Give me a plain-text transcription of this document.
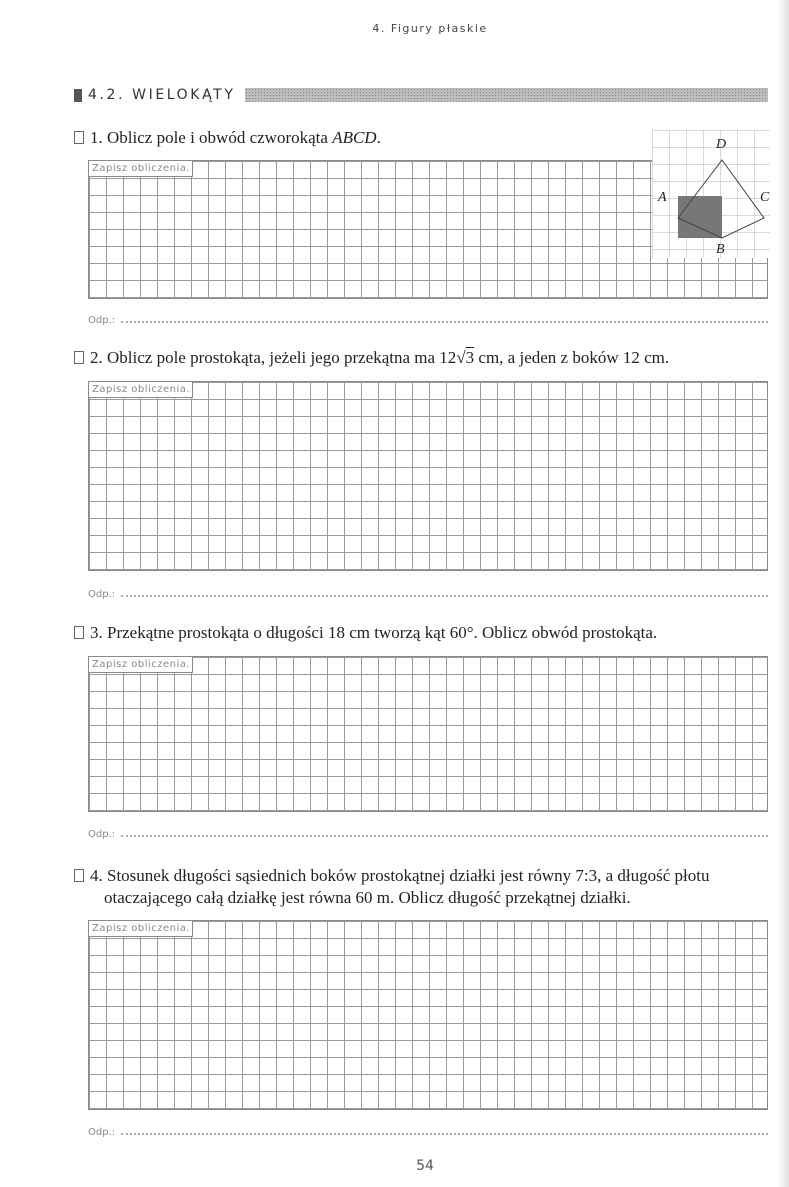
4. Figury płaskie
4.2. WIELOKĄTY
1. Oblicz pole i obwód czworokąta ABCD.
Zapisz obliczenia.
A
B
C
D
Odp.:
2. Oblicz pole prostokąta, jeżeli jego przekątna ma 12√3 cm, a jeden z boków 12 cm.
Zapisz obliczenia.
Odp.:
3. Przekątne prostokąta o długości 18 cm tworzą kąt 60°. Oblicz obwód prostokąta.
Zapisz obliczenia.
Odp.:
4. Stosunek długości sąsiednich boków prostokątnej działki jest równy 7:3, a długość płotu
otaczającego całą działkę jest równa 60 m. Oblicz długość przekątnej działki.
Zapisz obliczenia.
Odp.:
54
